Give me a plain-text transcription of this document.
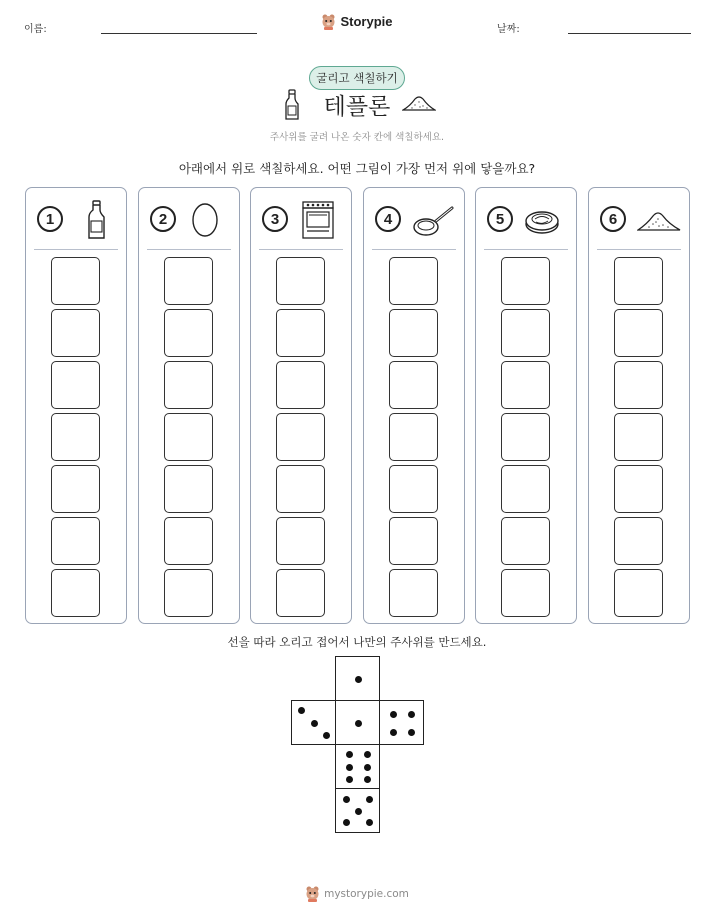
이름:	날짜:
Storypie
굴리고 색칠하기
테플론
주사위를 굴려 나온 숫자 칸에 색칠하세요.
아래에서 위로 색칠하세요. 어떤 그림이 가장 먼저 위에 닿을까요?
1	2	3	4	5	6
선을 따라 오리고 접어서 나만의 주사위를 만드세요.
mystorypie.com
